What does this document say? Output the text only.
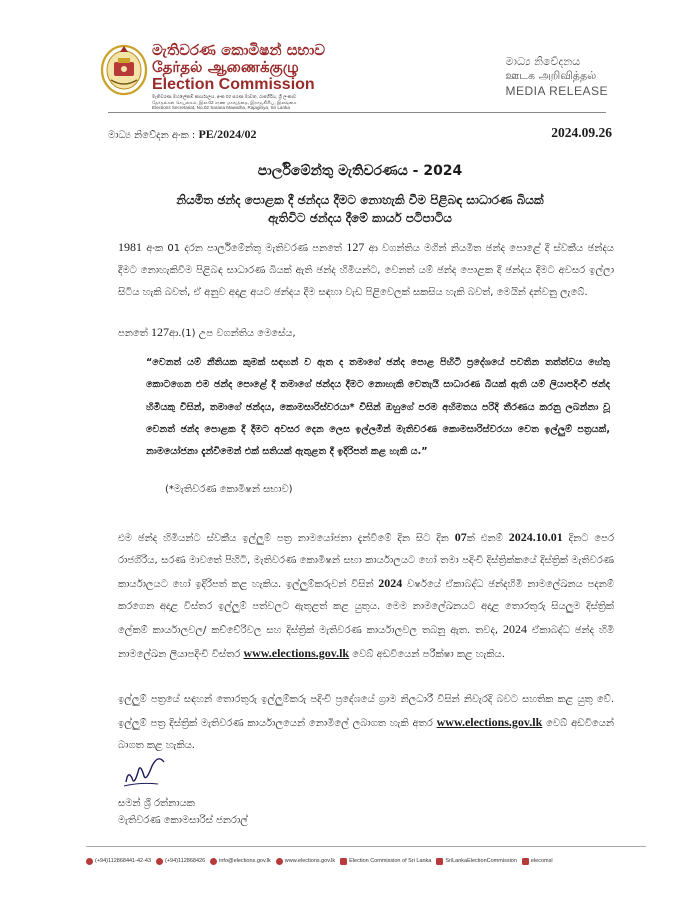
මැතිවරණ කොමිෂන් සභාව
தேர்தல் ஆணைக்குழு
Election Commission
මැතිවරණ මහලේකම් කාර්යාලය, අංක 02 සරණ මාවත, රාජගිරිය, ශ්‍රී ලංකාව
தேர்தல்கள் செயலகம், இல.02 சரண மாவத்தை, இராஜகிரிய, இலங்கை
Elections Secretariat, No.02 Sarana Mawatha, Rajagiriya, Sri Lanka
මාධ්‍ය නිවේදනය
ஊடக அறிவித்தல்
MEDIA RELEASE
මාධ්‍ය නිවේදන අංක : PE/2024/02	2024.09.26
පාර්ලිමේන්තු මැතිවරණය - 2024
නියමිත ඡන්ද පොළක දී ඡන්දය දීමට නොහැකි වීම පිළිබඳ සාධාරණ බියක් ඇතිවිට ඡන්දය දීමේ කාර්ය පටිපාටිය
1981 අංක 01 දරන පාර්ලිමේන්තු මැතිවරණ පනතේ 127 ආ වගන්තිය මගින් නියමිත ඡන්ද පොළේ දී ස්වකීය ඡන්දය දීමට නොහැකිවීම පිළිබඳ සාධාරණ බියක් ඇති ඡන්ද හිමියන්ට, වෙනත් යම් ඡන්ද පොළක දී ඡන්දය දීමට අවසර ඉල්ලා සිටිය හැකි බවත්, ඒ අනුව අදාළ අයට ඡන්දය දීම සඳහා වැඩ පිළිවෙලක් සකසිය හැකි බවත්, මෙයින් දන්වනු ලැබේ.
පනතේ 127ආ.(1) උප වගන්තිය මෙසේය,
“වෙනත් යම් නීතියක කුමක් සඳහන් ව ඇත ද තමාගේ ඡන්ද පොළ පිහිටි ප්‍රදේශයේ පවතින තත්ත්වය හේතු කොටගෙන එම ඡන්ද පොළේ දී තමාගේ ඡන්දය දීමට නොහැකි වෙතැයි සාධාරණ බියක් ඇති යම් ලියාපදිංචි ඡන්ද හිමියකු විසින්, තමාගේ ඡන්දය, කොමසාරිස්වරයා* විසින් ඔහුගේ පරම අභිමතය පරිදි තීරණය කරනු ලබන්නා වූ වෙනත් ඡන්ද පොළක දී දීමට අවසර දෙන ලෙස ඉල්ලමින් මැතිවරණ කොමසාරිස්වරයා වෙත ඉල්ලුම් පත්‍රයක්, නාමයෝජනා දැන්වීමෙන් එක් සතියක් ඇතුළත දී ඉදිරිපත් කළ හැකි ය.”
(*මැතිවරණ කොමිෂන් සභාව)
එම ඡන්ද හිමියන්ට ස්වකීය ඉල්ලුම් පත්‍ර නාමයෝජනා දැන්වීමේ දින සිට දින 07ක් එනම් 2024.10.01 දිනට පෙර රාජගිරිය, සරණ මාවතේ පිහිටි, මැතිවරණ කොමිෂන් සභා කාර්යාලයට හෝ තමා පදිංචි දිස්ත්‍රික්කයේ දිස්ත්‍රික් මැතිවරණ කාර්යාලයට හෝ ඉදිරිපත් කළ හැකිය. ඉල්ලුම්කරුවන් විසින් 2024 වර්ෂයේ ඒකාබද්ධ ඡන්දහිමි නාමලේඛනය පදනම් කරගෙන අදාළ විස්තර ඉල්ලුම් පත්වලට ඇතුළත් කළ යුතුය. මෙම නාමලේඛනයට අදාළ තොරතුරු සියලුම දිස්ත්‍රික් ලේකම් කාර්යාලවල/ කච්චේරිවල සහ දිස්ත්‍රික් මැතිවරණ කාර්යාලවල තබනු ඇත. තවද, 2024 ඒකාබද්ධ ඡන්ද හිමි නාමලේඛන ලියාපදිංචි විස්තර www.elections.gov.lk වෙබ් අඩවියෙන් පරීක්ෂා කළ හැකිය.
ඉල්ලුම් පත්‍රයේ සඳහන් තොරතුරු ඉල්ලුම්කරු පදිංචි ප්‍රදේශයේ ග්‍රාම නිලධාරී විසින් නිවැරදි බවට සහතික කළ යුතු වේ. ඉල්ලුම් පත්‍ර දිස්ත්‍රික් මැතිවරණ කාර්යාලයෙන් නොමිලේ ලබාගත හැකි අතර www.elections.gov.lk වෙබ් අඩවියෙන් බාගත කළ හැකිය.
සමන් ශ්‍රී රත්නායක
මැතිවරණ කොමසාරිස් ජනරාල්
(+94)112868441-42-43	(+94)112868426	info@elections.gov.lk	www.elections.gov.lk	Election Commission of Sri Lanka	SriLankaElectionCommission	elecomsl
